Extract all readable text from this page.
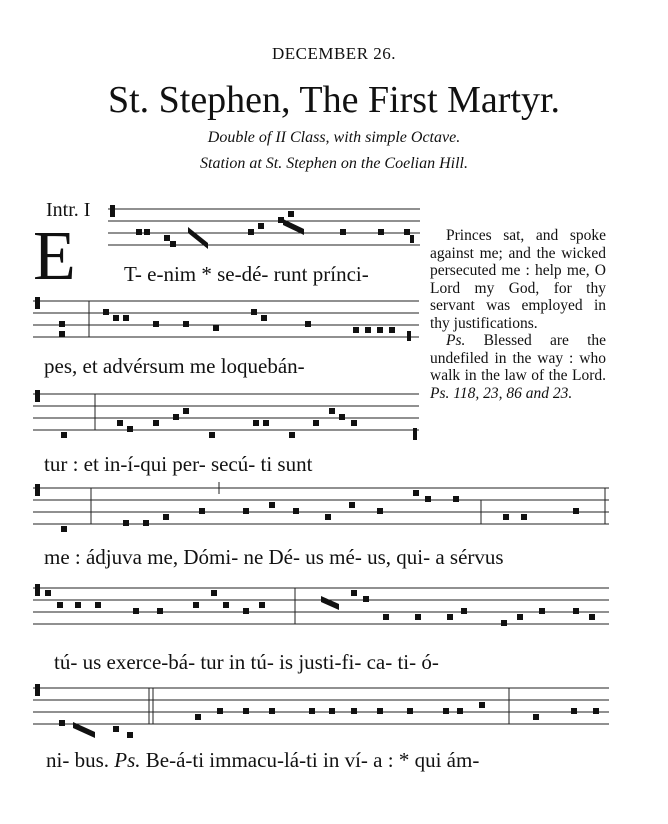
DECEMBER 26.
St. Stephen, The First Martyr.
Double of II Class, with simple Octave.
Station at St. Stephen on the Coelian Hill.
Intr. I
E T- e-nim * se-dé- runt prínci-
pes, et advérsum me loquebán-
tur : et in-í-qui per- secú- ti sunt
me : ádjuva me, Dómi- ne Dé- us mé- us, qui- a sérvus
tú- us exerce-bá- tur in tú- is justi-fi- ca- ti- ó-
ni- bus. Ps. Be-á-ti immacu-lá-ti in ví- a : * qui ám-

Princes sat, and spoke against me; and the wicked persecuted me : help me, O Lord my God, for thy servant was employed in thy justifications.

Ps. Blessed are the undefiled in the way : who walk in the law of the Lord. Ps. 118, 23, 86 and 23.
